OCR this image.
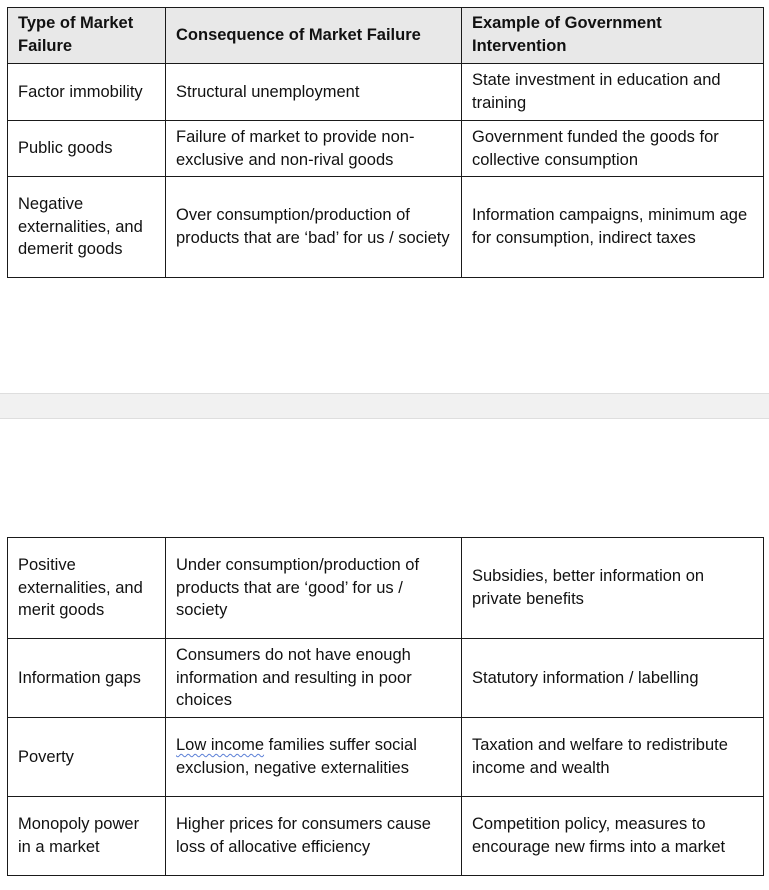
Type of Market Failure	Consequence of Market Failure	Example of Government Intervention
Factor immobility	Structural unemployment	State investment in education and training
Public goods	Failure of market to provide non-exclusive and non-rival goods	Government funded the goods for collective consumption
Negative externalities, and demerit goods	Over consumption/production of products that are ‘bad’ for us / society	Information campaigns, minimum age for consumption, indirect taxes
Positive externalities, and merit goods	Under consumption/production of products that are ‘good’ for us / society	Subsidies, better information on private benefits
Information gaps	Consumers do not have enough information and resulting in poor choices	Statutory information / labelling
Poverty	Low income families suffer social exclusion, negative externalities	Taxation and welfare to redistribute income and wealth
Monopoly power in a market	Higher prices for consumers cause loss of allocative efficiency	Competition policy, measures to encourage new firms into a market
